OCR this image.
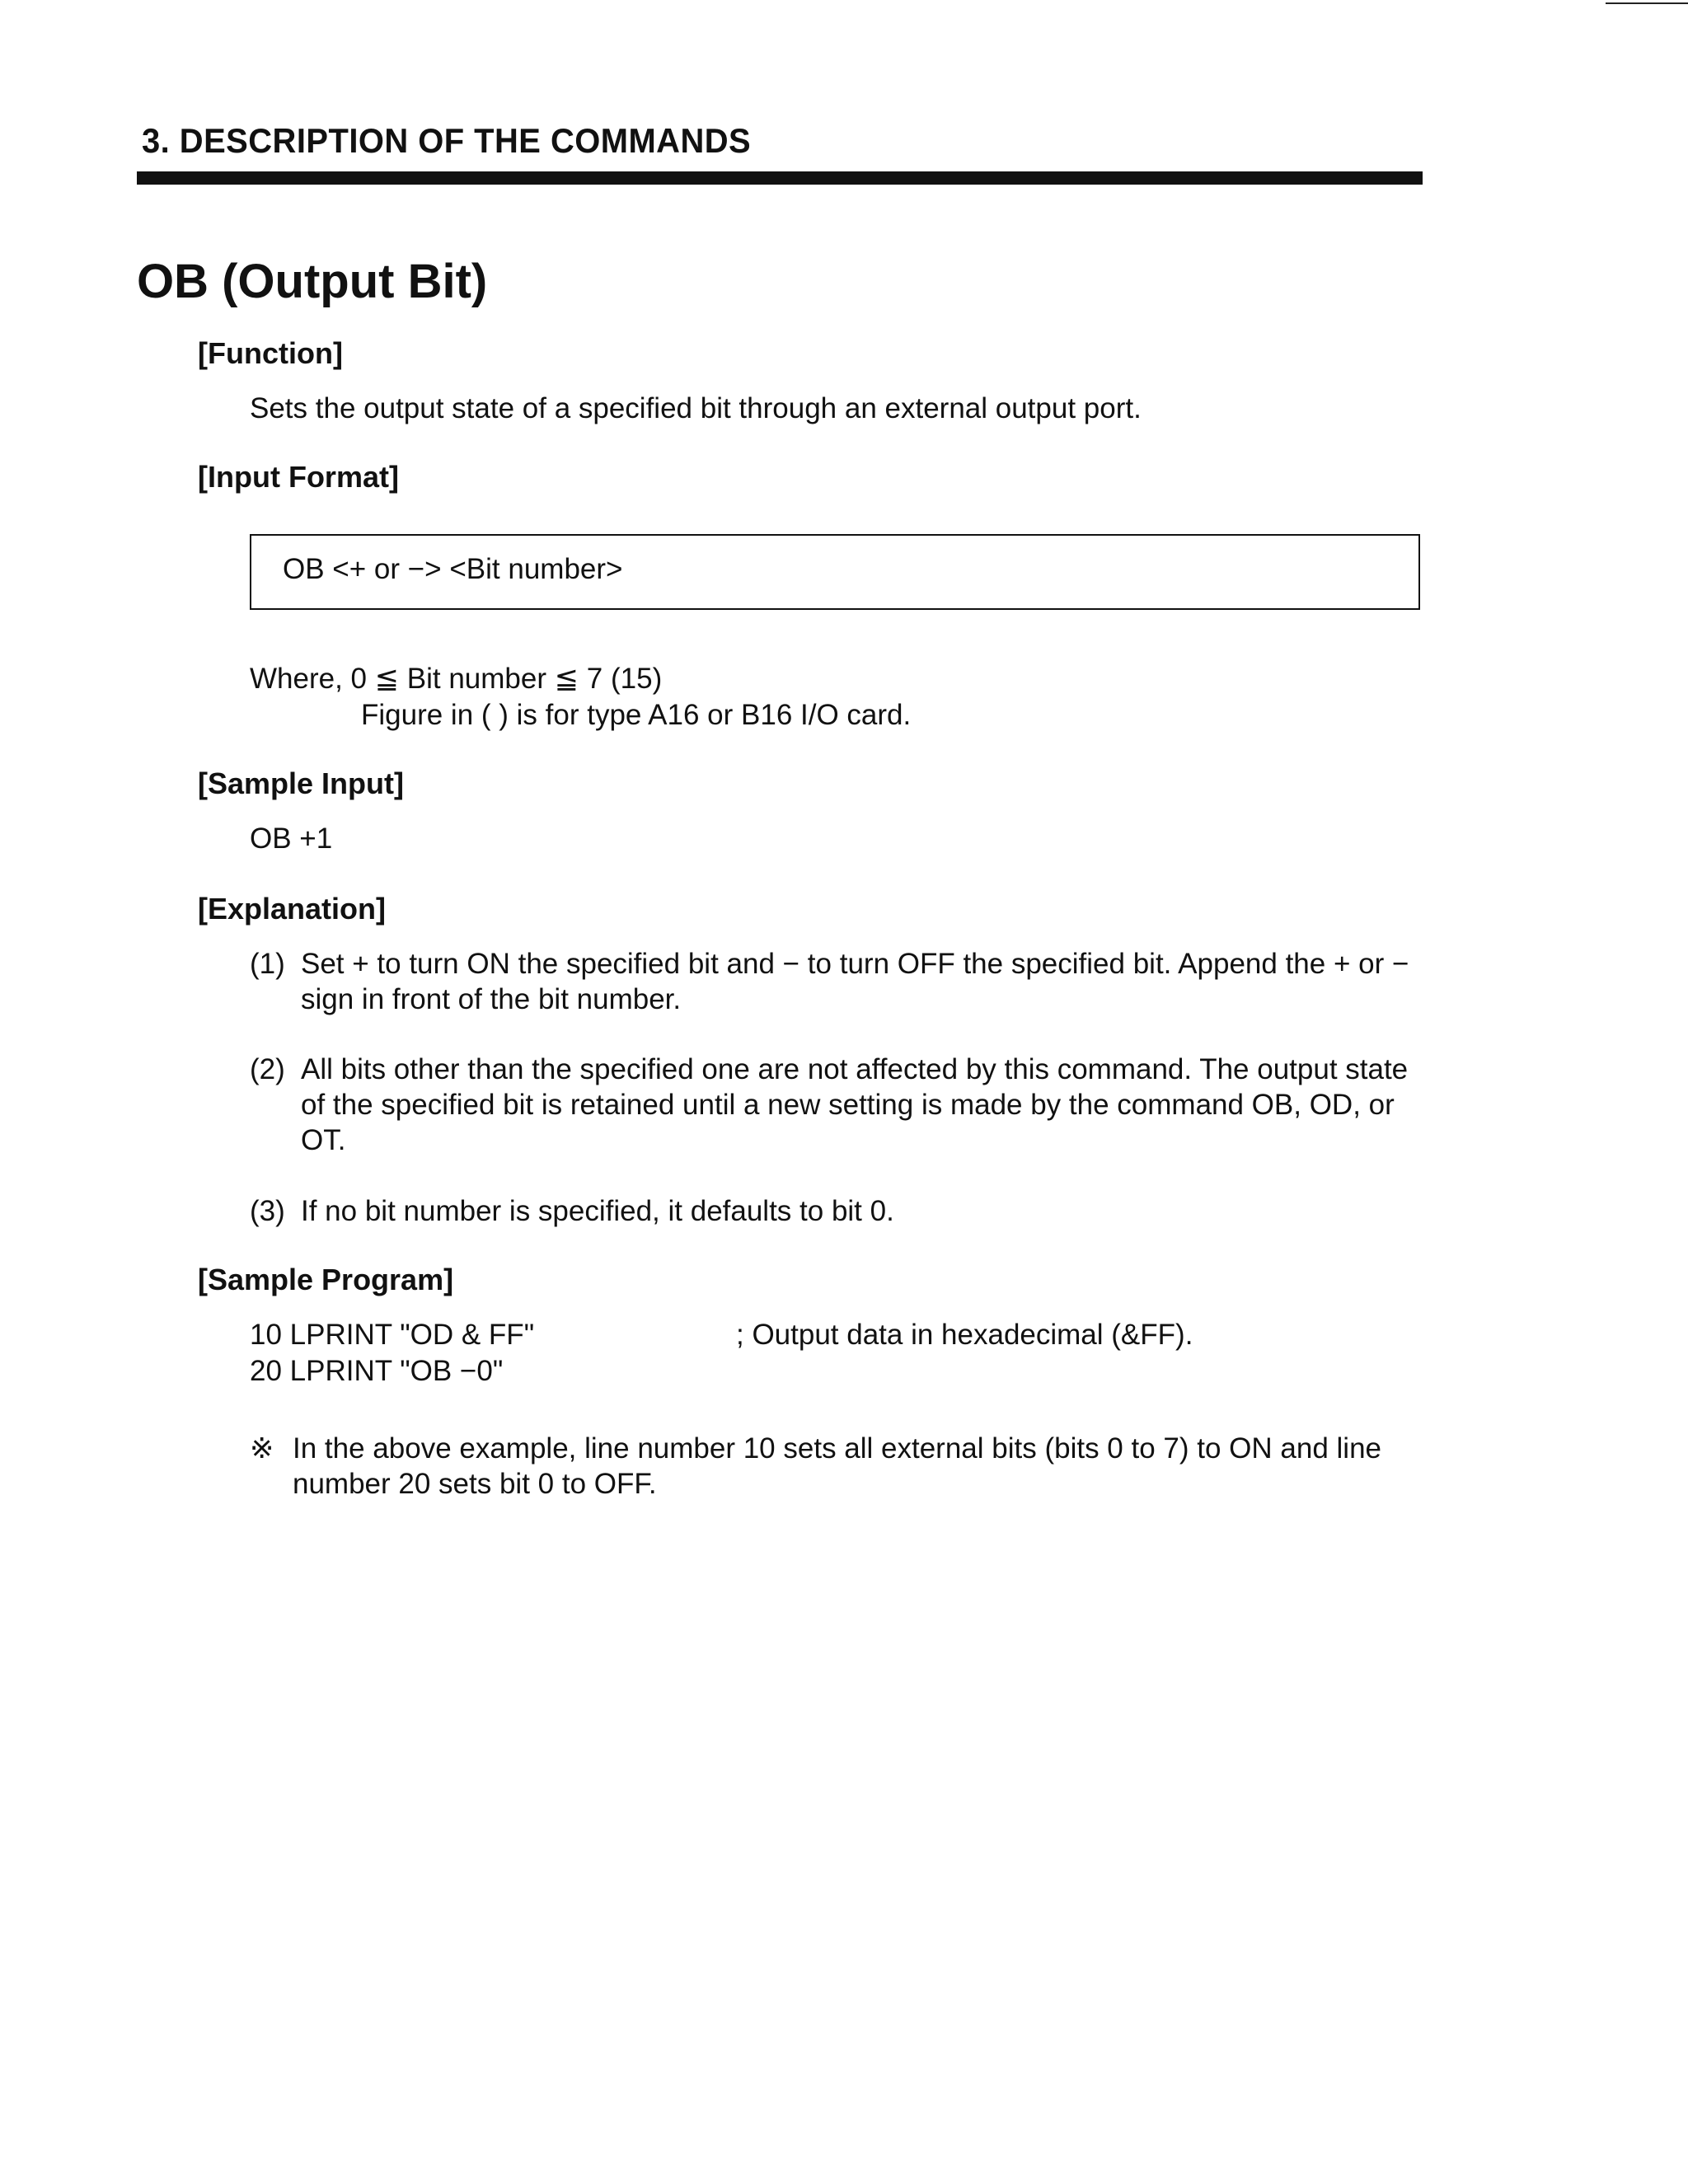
3. DESCRIPTION OF THE COMMANDS
OB (Output Bit)
[Function]
Sets the output state of a specified bit through an external output port.
[Input Format]
OB <+ or −> <Bit number>
Where, 0 ≦ Bit number ≦ 7 (15)
Figure in ( ) is for type A16 or B16 I/O card.
[Sample Input]
OB +1
[Explanation]
(1) Set + to turn ON the specified bit and − to turn OFF the specified bit. Append the + or − sign in front of the bit number.
(2) All bits other than the specified one are not affected by this command. The output state of the specified bit is retained until a new setting is made by the command OB, OD, or OT.
(3) If no bit number is specified, it defaults to bit 0.
[Sample Program]
10 LPRINT "OD & FF"	; Output data in hexadecimal (&FF).
20 LPRINT "OB −0"
※ In the above example, line number 10 sets all external bits (bits 0 to 7) to ON and line number 20 sets bit 0 to OFF.
